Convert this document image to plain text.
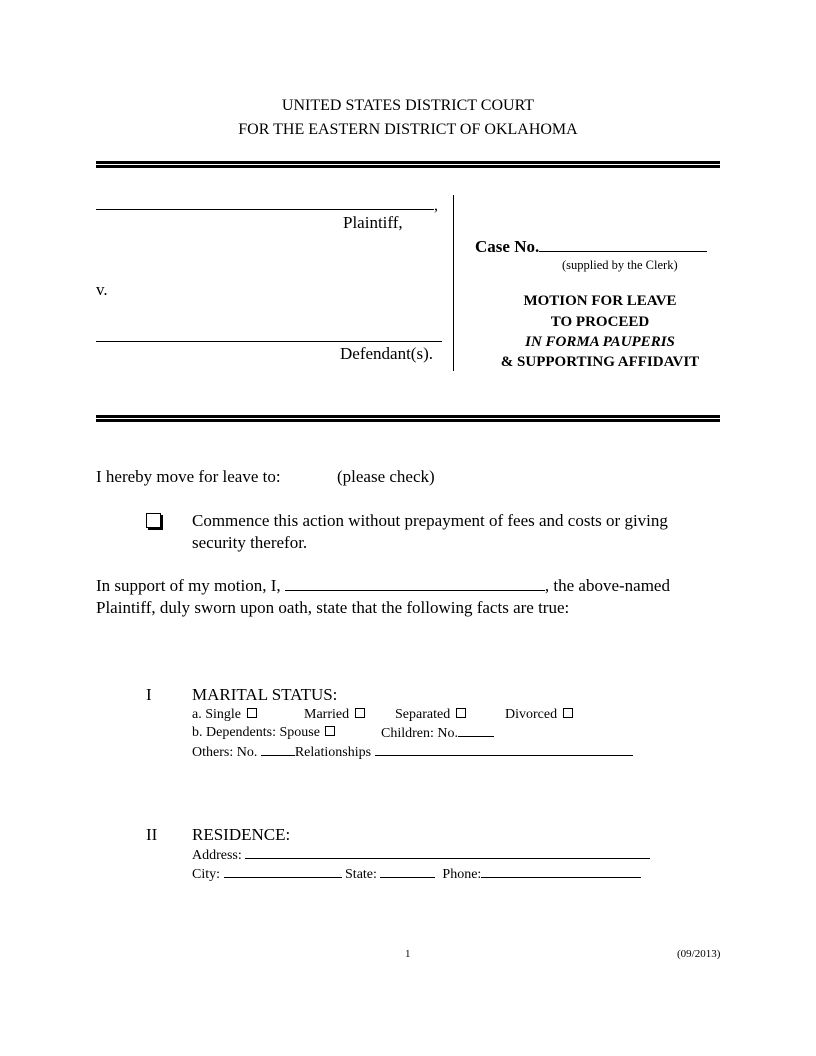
UNITED STATES DISTRICT COURT
FOR THE EASTERN DISTRICT OF OKLAHOMA
,
Plaintiff,
v.
Defendant(s).
Case No.
(supplied by the Clerk)
MOTION FOR LEAVE
TO PROCEED
IN FORMA PAUPERIS
& SUPPORTING AFFIDAVIT
I hereby move for leave to:	(please check)
Commence this action without prepayment of fees and costs or giving
security therefor.
In support of my motion, I,	, the above-named
Plaintiff, duly sworn upon oath, state that the following facts are true:
I MARITAL STATUS:
a. Single	Married	Separated	Divorced
b. Dependents: Spouse	Children: No.
Others: No.	Relationships
II RESIDENCE:
Address:
City:	State:	Phone:
1	(09/2013)
